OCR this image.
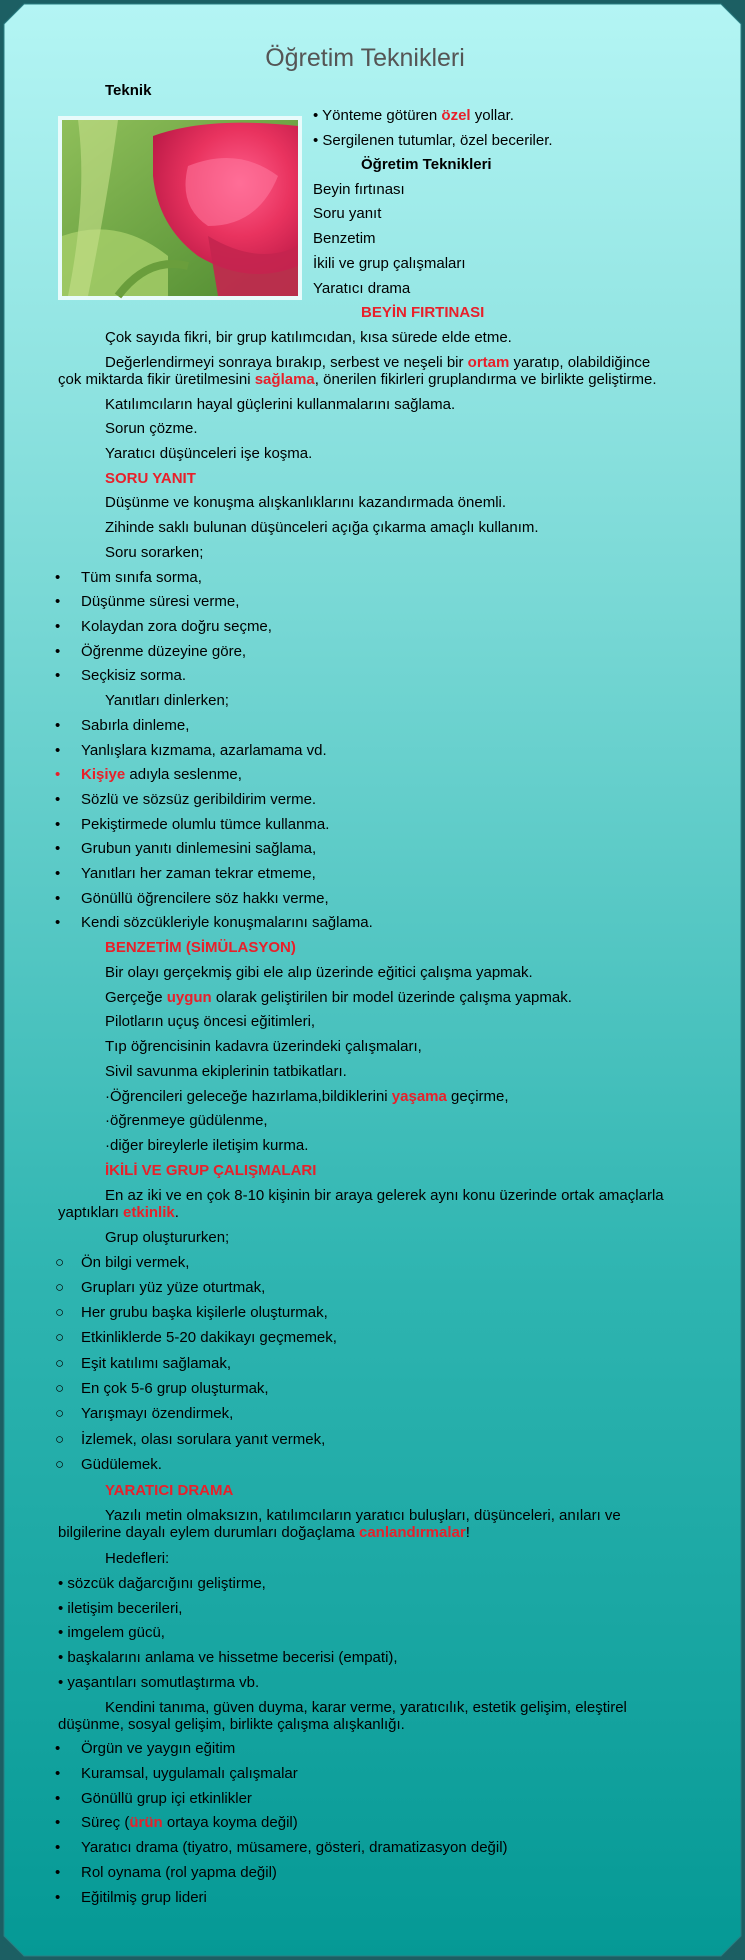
Öğretim Teknikleri
Teknik
• Yönteme götüren özel yollar.
• Sergilenen tutumlar, özel beceriler.
Öğretim Teknikleri
Beyin fırtınası
Soru yanıt
Benzetim
İkili ve grup çalışmaları
Yaratıcı drama
BEYİN FIRTINASI
Çok sayıda fikri, bir grup katılımcıdan, kısa sürede elde etme.
Değerlendirmeyi sonraya bırakıp, serbest ve neşeli bir ortam yaratıp, olabildiğince
çok miktarda fikir üretilmesini sağlama, önerilen fikirleri gruplandırma ve birlikte geliştirme.
Katılımcıların hayal güçlerini kullanmalarını sağlama.
Sorun çözme.
Yaratıcı düşünceleri işe koşma.
SORU YANIT
Düşünme ve konuşma alışkanlıklarını kazandırmada önemli.
Zihinde saklı bulunan düşünceleri açığa çıkarma amaçlı kullanım.
Soru sorarken;
• Tüm sınıfa sorma,
• Düşünme süresi verme,
• Kolaydan zora doğru seçme,
• Öğrenme düzeyine göre,
• Seçkisiz sorma.
Yanıtları dinlerken;
• Sabırla dinleme,
• Yanlışlara kızmama, azarlamama vd.
• Kişiye adıyla seslenme,
• Sözlü ve sözsüz geribildirim verme.
• Pekiştirmede olumlu tümce kullanma.
• Grubun yanıtı dinlemesini sağlama,
• Yanıtları her zaman tekrar etmeme,
• Gönüllü öğrencilere söz hakkı verme,
• Kendi sözcükleriyle konuşmalarını sağlama.
BENZETİM (SİMÜLASYON)
Bir olayı gerçekmiş gibi ele alıp üzerinde eğitici çalışma yapmak.
Gerçeğe uygun olarak geliştirilen bir model üzerinde çalışma yapmak.
Pilotların uçuş öncesi eğitimleri,
Tıp öğrencisinin kadavra üzerindeki çalışmaları,
Sivil savunma ekiplerinin tatbikatları.
·Öğrencileri geleceğe hazırlama,bildiklerini yaşama geçirme,
·öğrenmeye güdülenme,
·diğer bireylerle iletişim kurma.
İKİLİ VE GRUP ÇALIŞMALARI
En az iki ve en çok 8-10 kişinin bir araya gelerek aynı konu üzerinde ortak amaçlarla
yaptıkları etkinlik.
Grup oluştururken;
○ Ön bilgi vermek,
○ Grupları yüz yüze oturtmak,
○ Her grubu başka kişilerle oluşturmak,
○ Etkinliklerde 5-20 dakikayı geçmemek,
○ Eşit katılımı sağlamak,
○ En çok 5-6 grup oluşturmak,
○ Yarışmayı özendirmek,
○ İzlemek, olası sorulara yanıt vermek,
○ Güdülemek.
YARATICI DRAMA
Yazılı metin olmaksızın, katılımcıların yaratıcı buluşları, düşünceleri, anıları ve
bilgilerine dayalı eylem durumları doğaçlama canlandırmalar!
Hedefleri:
• sözcük dağarcığını geliştirme,
• iletişim becerileri,
• imgelem gücü,
• başkalarını anlama ve hissetme becerisi (empati),
• yaşantıları somutlaştırma vb.
Kendini tanıma, güven duyma, karar verme, yaratıcılık, estetik gelişim, eleştirel
düşünme, sosyal gelişim, birlikte çalışma alışkanlığı.
• Örgün ve yaygın eğitim
• Kuramsal, uygulamalı çalışmalar
• Gönüllü grup içi etkinlikler
• Süreç (ürün ortaya koyma değil)
• Yaratıcı drama (tiyatro, müsamere, gösteri, dramatizasyon değil)
• Rol oynama (rol yapma değil)
• Eğitilmiş grup lideri
